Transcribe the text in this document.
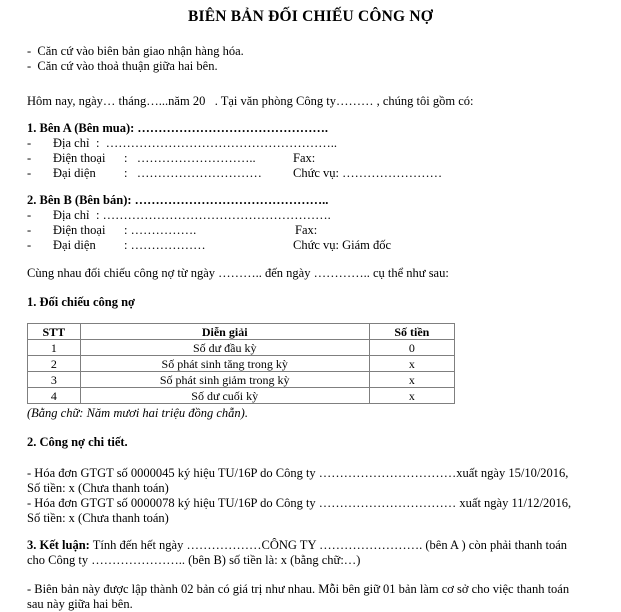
BIÊN BẢN ĐỐI CHIẾU CÔNG NỢ
-  Căn cứ vào biên bản giao nhận hàng hóa.
-  Căn cứ vào thoả thuận giữa hai bên.
Hôm nay, ngày… tháng…...năm 20   . Tại văn phòng Công ty……… , chúng tôi gồm có:
1. Bên A (Bên mua): ……………………………………….
- Địa chỉ :  ………………………………………………..
- Điện thoại :   ………………………..	Fax:
- Đại diện :   ………………………… Chức vụ: ……………………
2. Bên B (Bên bán): ………………………………………..
- Địa chỉ : ……………………………………………….
- Điện thoại : …………….	Fax:
- Đại diện : ………………	Chức vụ: Giám đốc
Cùng nhau đối chiếu công nợ từ ngày ……….. đến ngày ………….. cụ thể như sau:
1. Đối chiếu công nợ
STT	Diễn giải	Số tiền
1	Số dư đầu kỳ	0
2	Số phát sinh tăng trong kỳ	x
3	Số phát sinh giảm trong kỳ	x
4	Số dư cuối kỳ	x
(Bằng chữ: Năm mươi hai triệu đồng chẵn).
2. Công nợ chi tiết.
- Hóa đơn GTGT số 0000045 ký hiệu TU/16P do Công ty ……………………………xuất ngày 15/10/2016,
Số tiền: x (Chưa thanh toán)
- Hóa đơn GTGT số 0000078 ký hiệu TU/16P do Công ty …………………………… xuất ngày 11/12/2016,
Số tiền: x (Chưa thanh toán)
3. Kết luận: Tính đến hết ngày ………………CÔNG TY ……………………. (bên A ) còn phải thanh toán
cho Công ty ………………….. (bên B) số tiền là: x (bằng chữ:…)
- Biên bản này được lập thành 02 bản có giá trị như nhau. Mỗi bên giữ 01 bản làm cơ sở cho việc thanh toán
sau này giữa hai bên.
